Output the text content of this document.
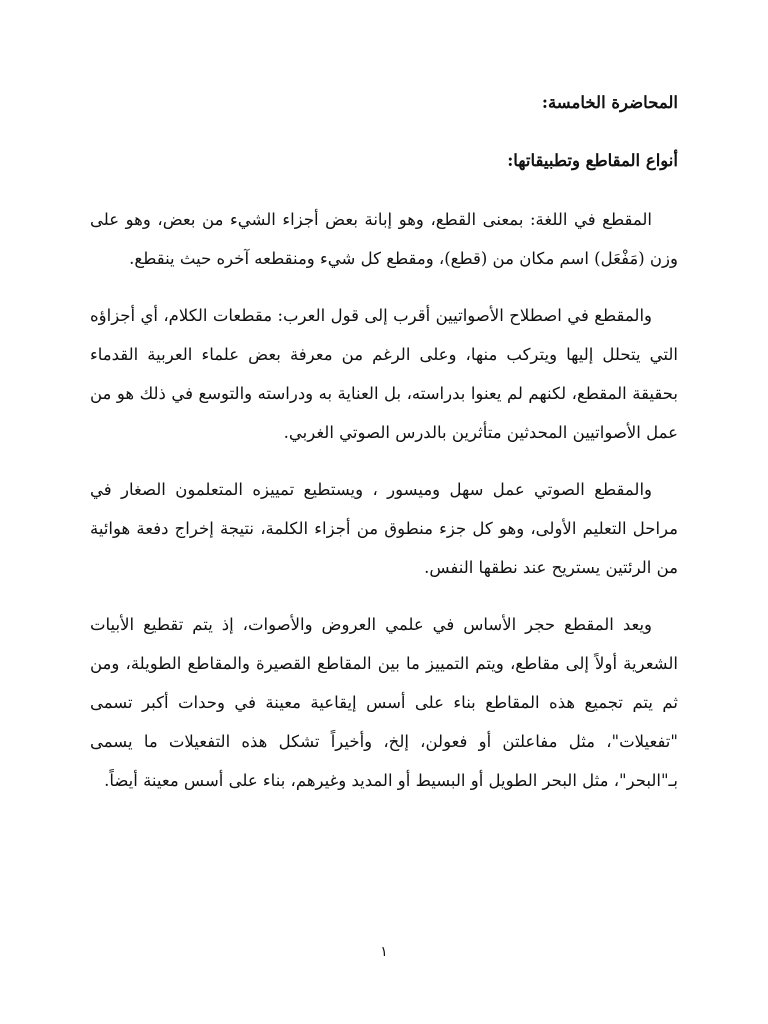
المحاضرة الخامسة:

أنواع المقاطع وتطبيقاتها:

المقطع في اللغة: بمعنى القطع، وهو إبانة بعض أجزاء الشيء من بعض، وهو على وزن (مَفْعَل) اسم مكان من (قطع)، ومقطع كل شيء ومنقطعه آخره حيث ينقطع.

والمقطع في اصطلاح الأصواتيين أقرب إلى قول العرب: مقطعات الكلام، أي أجزاؤه التي يتحلل إليها ويتركب منها، وعلى الرغم من معرفة بعض علماء العربية القدماء بحقيقة المقطع، لكنهم لم يعنوا بدراسته، بل العناية به ودراسته والتوسع في ذلك هو من عمل الأصواتيين المحدثين متأثرين بالدرس الصوتي الغربي.

والمقطع الصوتي عمل سهل وميسور ، ويستطيع تمييزه المتعلمون الصغار في مراحل التعليم الأولى، وهو كل جزء منطوق من أجزاء الكلمة، نتيجة إخراج دفعة هوائية من الرئتين يستريح عند نطقها النفس.

ويعد المقطع حجر الأساس في علمي العروض والأصوات، إذ يتم تقطيع الأبيات الشعرية أولاً إلى مقاطع، ويتم التمييز ما بين المقاطع القصيرة والمقاطع الطويلة، ومن ثم يتم تجميع هذه المقاطع بناء على أسس إيقاعية معينة في وحدات أكبر تسمى "تفعيلات"، مثل مفاعلتن أو فعولن، إلخ، وأخيراً تشكل هذه التفعيلات ما يسمى بـ"البحر"، مثل البحر الطويل أو البسيط أو المديد وغيرهم، بناء على أسس معينة أيضاً.

١
